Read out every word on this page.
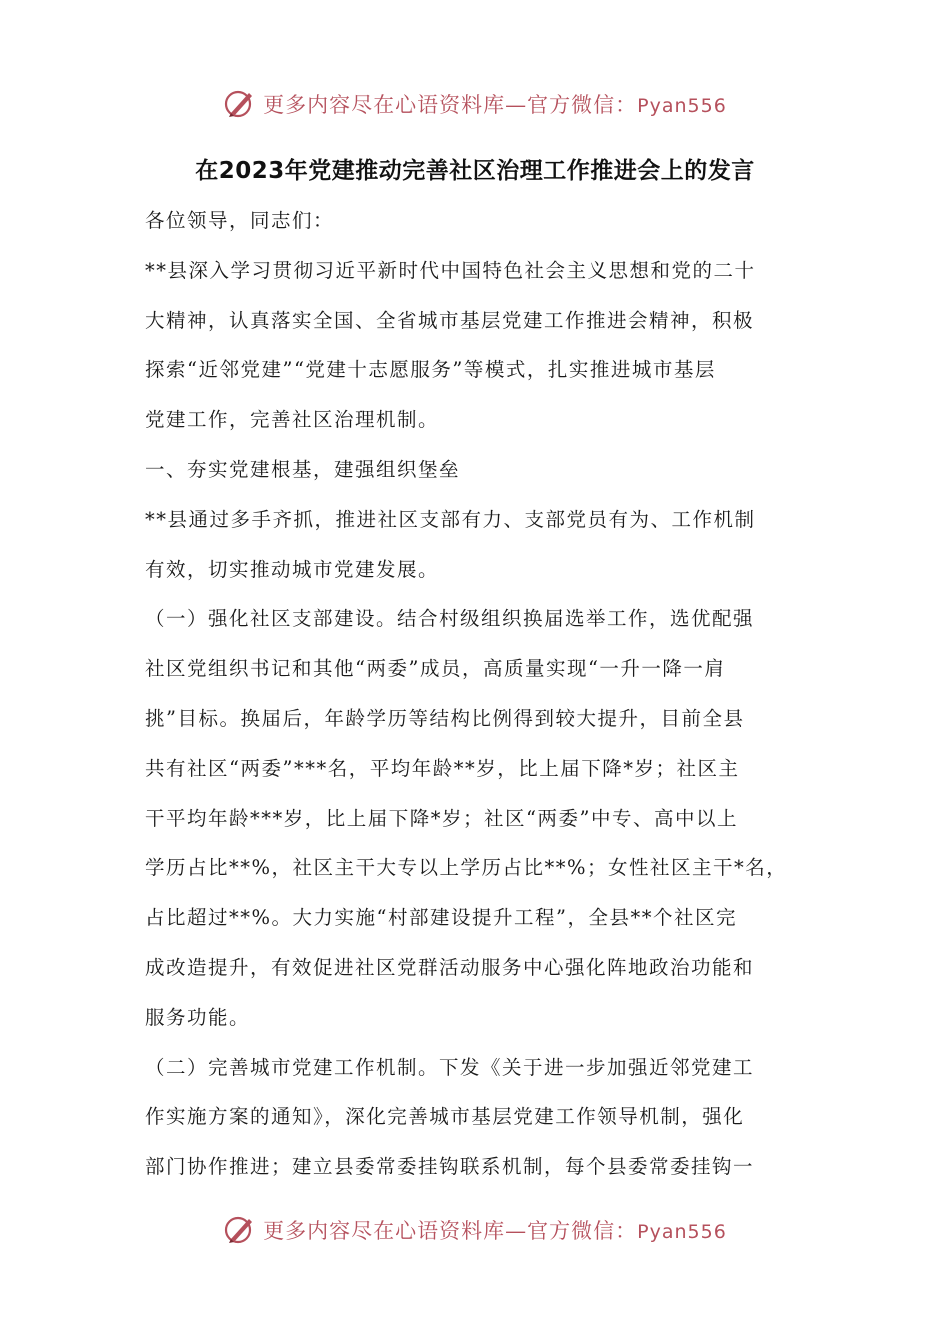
更多内容尽在心语资料库—官方微信：Pyan556
在2023年党建推动完善社区治理工作推进会上的发言
各位领导，同志们：
**县深入学习贯彻习近平新时代中国特色社会主义思想和党的二十
大精神，认真落实全国、全省城市基层党建工作推进会精神，积极
探索“近邻党建”“党建十志愿服务”等模式，扎实推进城市基层
党建工作，完善社区治理机制。
一、夯实党建根基，建强组织堡垒
**县通过多手齐抓，推进社区支部有力、支部党员有为、工作机制
有效，切实推动城市党建发展。
（一）强化社区支部建设。结合村级组织换届选举工作，选优配强
社区党组织书记和其他“两委”成员，高质量实现“一升一降一肩
挑”目标。换届后，年龄学历等结构比例得到较大提升，目前全县
共有社区“两委”***名，平均年龄**岁，比上届下降*岁；社区主
干平均年龄***岁，比上届下降*岁；社区“两委”中专、高中以上
学历占比**%，社区主干大专以上学历占比**%；女性社区主干*名，
占比超过**%。大力实施“村部建设提升工程”，全县**个社区完
成改造提升，有效促进社区党群活动服务中心强化阵地政治功能和
服务功能。
（二）完善城市党建工作机制。下发《关于进一步加强近邻党建工
作实施方案的通知》，深化完善城市基层党建工作领导机制，强化
部门协作推进；建立县委常委挂钩联系机制，每个县委常委挂钩一
更多内容尽在心语资料库—官方微信：Pyan556
